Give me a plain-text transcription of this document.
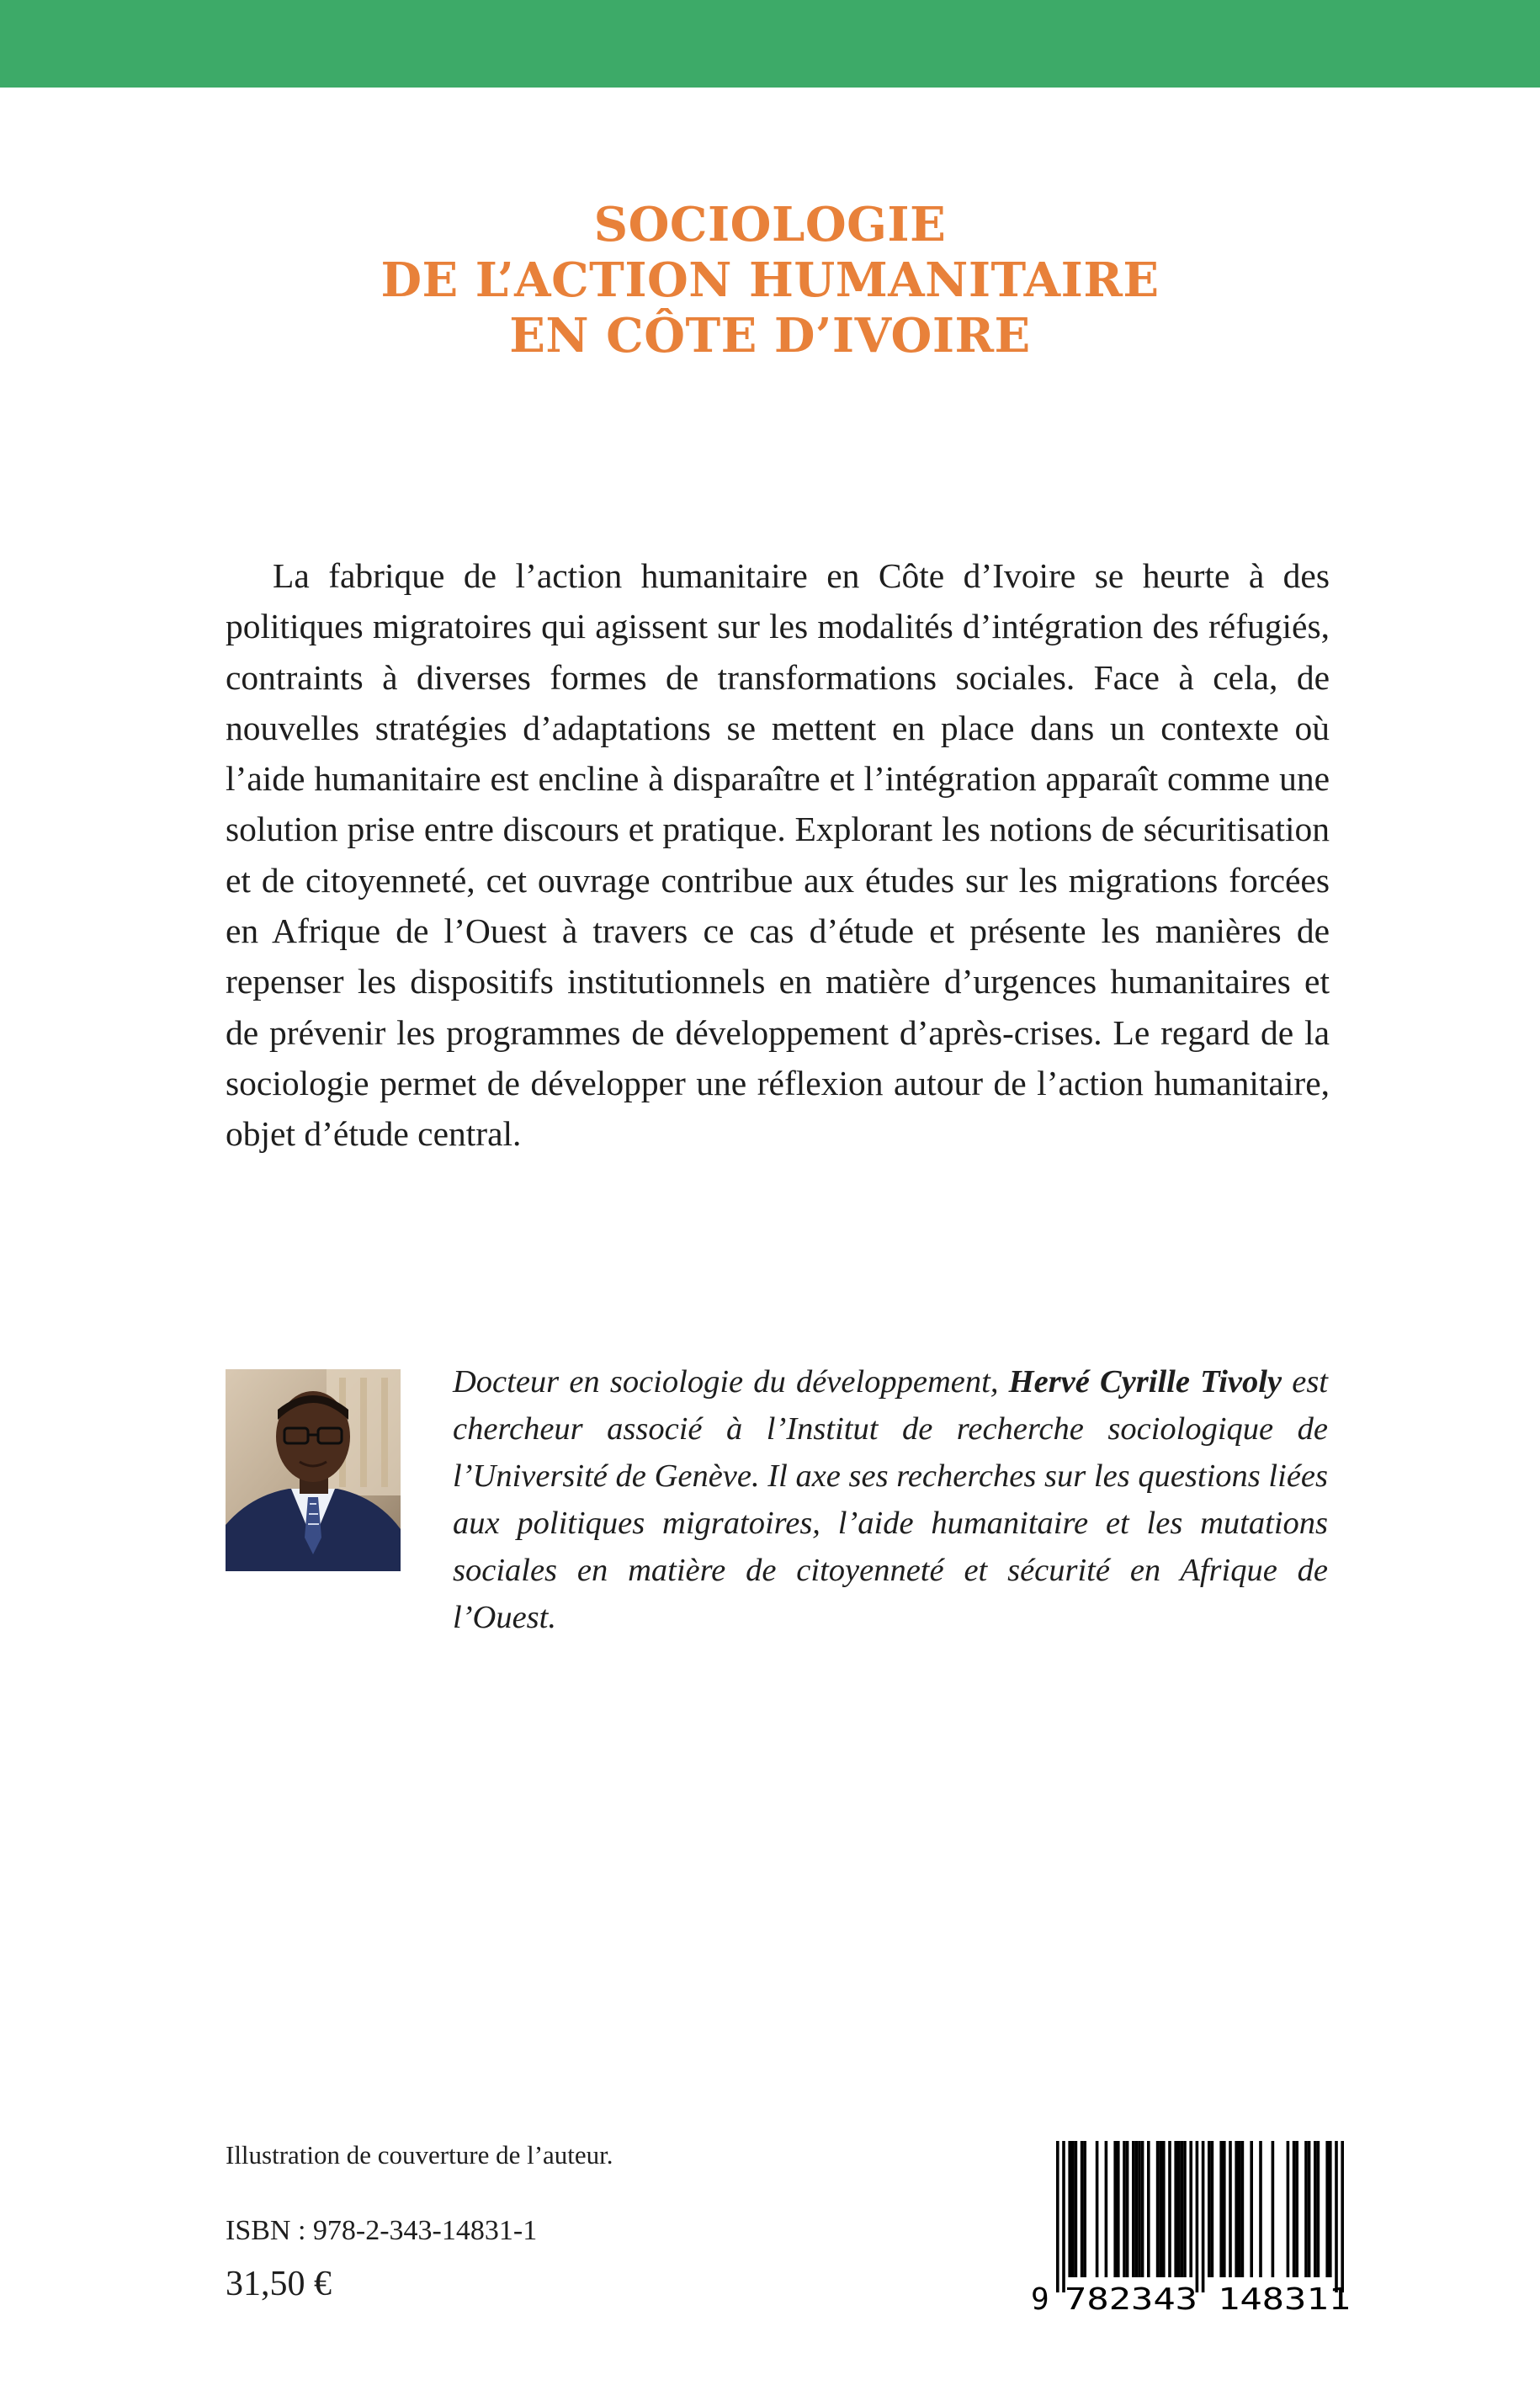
SOCIOLOGIE
DE L’ACTION HUMANITAIRE
EN CÔTE D’IVOIRE

La fabrique de l’action humanitaire en Côte d’Ivoire se heurte à des politiques migratoires qui agissent sur les modalités d’intégration des réfugiés, contraints à diverses formes de transformations sociales. Face à cela, de nouvelles stratégies d’adaptations se mettent en place dans un contexte où l’aide humanitaire est encline à disparaître et l’intégration apparaît comme une solution prise entre discours et pratique. Explorant les notions de sécuritisation et de citoyenneté, cet ouvrage contribue aux études sur les migrations forcées en Afrique de l’Ouest à travers ce cas d’étude et présente les manières de repenser les dispositifs institutionnels en matière d’urgences humanitaires et de prévenir les programmes de développement d’après-crises. Le regard de la sociologie permet de développer une réflexion autour de l’action humanitaire, objet d’étude central.

Docteur en sociologie du développement, Hervé Cyrille Tivoly est chercheur associé à l’Institut de recherche sociologique de l’Université de Genève. Il axe ses recherches sur les questions liées aux politiques migratoires, l’aide humanitaire et les mutations sociales en matière de citoyenneté et sécurité en Afrique de l’Ouest.

Illustration de couverture de l’auteur.
ISBN : 978-2-343-14831-1
31,50 €	9 782343 148311
